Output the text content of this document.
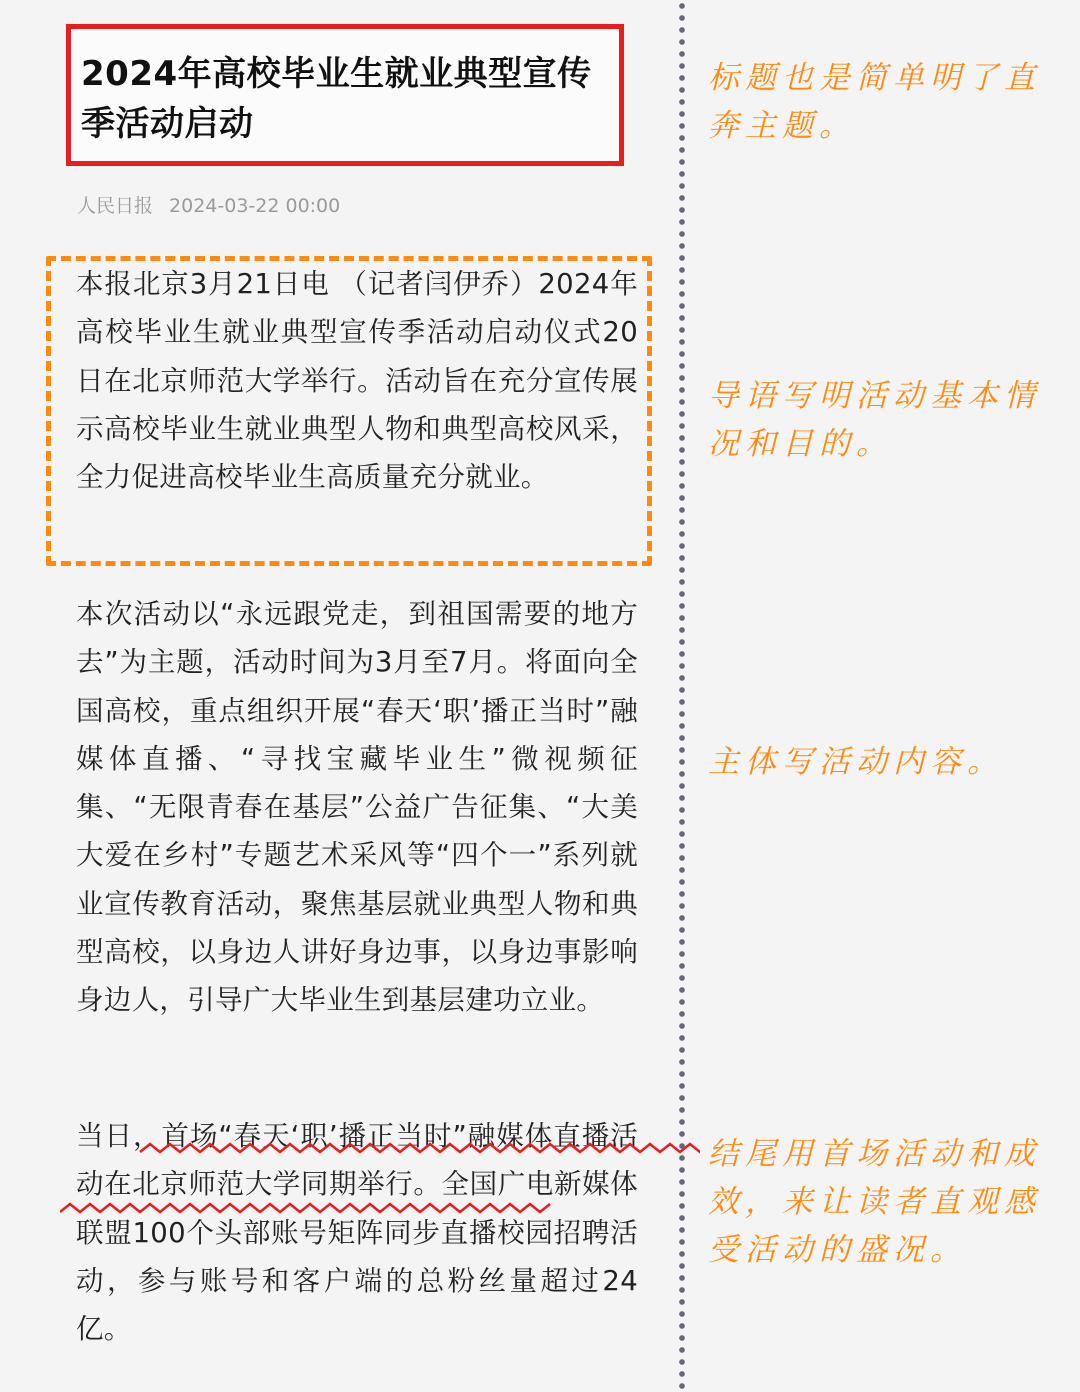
2024年高校毕业生就业典型宣传季活动启动
人民日报 2024-03-22 00:00
本报北京3月21日电 （记者闫伊乔）2024年高校毕业生就业典型宣传季活动启动仪式20日在北京师范大学举行。活动旨在充分宣传展示高校毕业生就业典型人物和典型高校风采，全力促进高校毕业生高质量充分就业。
本次活动以“永远跟党走，到祖国需要的地方去”为主题，活动时间为3月至7月。将面向全国高校，重点组织开展“春天‘职’播正当时”融媒体直播、“寻找宝藏毕业生”微视频征集、“无限青春在基层”公益广告征集、“大美大爱在乡村”专题艺术采风等“四个一”系列就业宣传教育活动，聚焦基层就业典型人物和典型高校，以身边人讲好身边事，以身边事影响身边人，引导广大毕业生到基层建功立业。
当日，首场“春天‘职’播正当时”融媒体直播活动在北京师范大学同期举行。全国广电新媒体联盟100个头部账号矩阵同步直播校园招聘活动，参与账号和客户端的总粉丝量超过24亿。
标题也是简单明了直奔主题。
导语写明活动基本情况和目的。
主体写活动内容。
结尾用首场活动和成效，来让读者直观感受活动的盛况。
